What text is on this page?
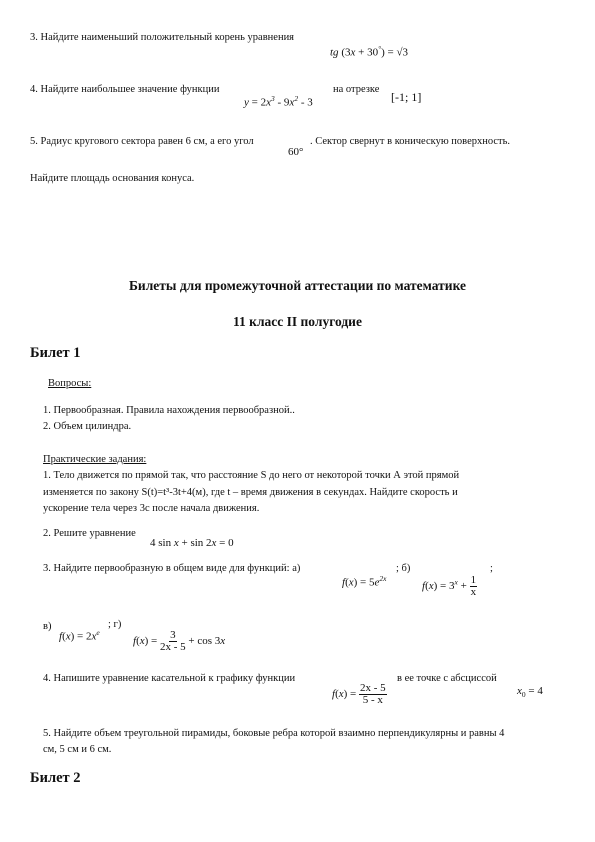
3. Найдите наименьший положительный корень уравнения
tg (3x + 30°) = √3
4. Найдите наибольшее значение функции
$y = 2x^3 - 9x^2 - 3$
на отрезке
[-1; 1]
5. Радиус кругового сектора равен 6 см, а его угол
60°
. Сектор свернут в коническую поверхность.
Найдите площадь основания конуса.
Билеты для промежуточной аттестации по математике
11 класс II полугодие
Билет 1
Вопросы:
1. Первообразная. Правила нахождения первообразной..
2. Объем цилиндра.
Практические задания:
1. Тело движется по прямой так, что расстояние S до него от некоторой точки А этой прямой
изменяется по закону S(t)=t³-3t+4(м), где t – время движения в секундах. Найдите скорость и
ускорение тела через 3с после начала движения.
2. Решите уравнение
4 sin x + sin 2x = 0
3. Найдите первообразную в общем виде для функций: а)
$f(x) = 5e^{2x}$
; б)
$f(x) = 3^x + \frac{1}{x}$
;
в)
$f(x) = 2x^e$
; г)
$f(x) = \frac{3}{2x - 5} + \cos 3x$
4. Напишите уравнение касательной к графику функции
$f(x) = \frac{2x - 5}{5 - x}$
в ее точке с абсциссой
$x_0 = 4$
5. Найдите объем треугольной пирамиды, боковые ребра которой взаимно перпендикулярны и равны 4
см, 5 см и 6 см.
Билет 2
